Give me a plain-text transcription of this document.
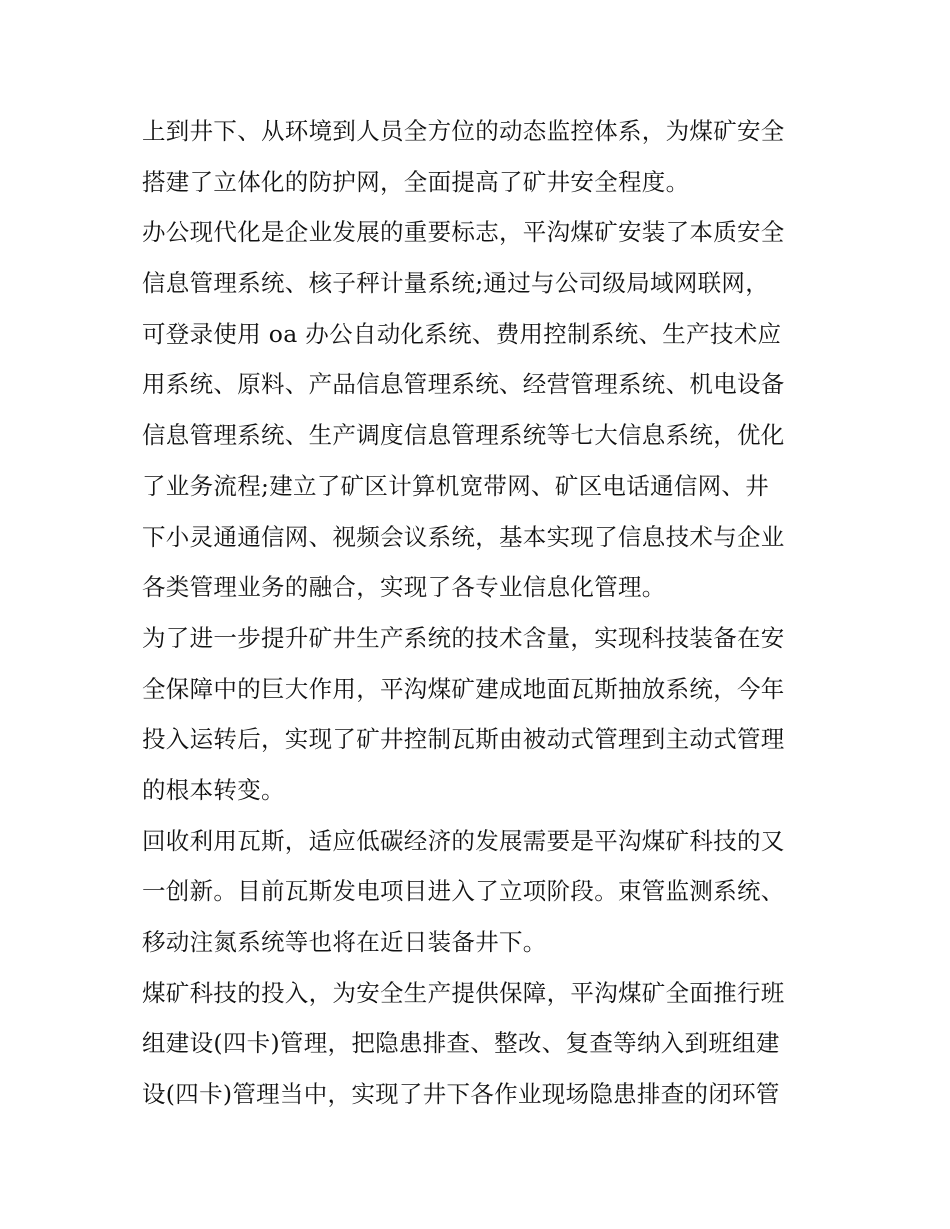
上到井下、从环境到人员全方位的动态监控体系，为煤矿安全
搭建了立体化的防护网，全面提高了矿井安全程度。
办公现代化是企业发展的重要标志，平沟煤矿安装了本质安全
信息管理系统、核子秤计量系统;通过与公司级局域网联网，
可登录使用 oa 办公自动化系统、费用控制系统、生产技术应
用系统、原料、产品信息管理系统、经营管理系统、机电设备
信息管理系统、生产调度信息管理系统等七大信息系统，优化
了业务流程;建立了矿区计算机宽带网、矿区电话通信网、井
下小灵通通信网、视频会议系统，基本实现了信息技术与企业
各类管理业务的融合，实现了各专业信息化管理。
为了进一步提升矿井生产系统的技术含量，实现科技装备在安
全保障中的巨大作用，平沟煤矿建成地面瓦斯抽放系统，今年
投入运转后，实现了矿井控制瓦斯由被动式管理到主动式管理
的根本转变。
回收利用瓦斯，适应低碳经济的发展需要是平沟煤矿科技的又
一创新。目前瓦斯发电项目进入了立项阶段。束管监测系统、
移动注氮系统等也将在近日装备井下。
煤矿科技的投入，为安全生产提供保障，平沟煤矿全面推行班
组建设(四卡)管理，把隐患排查、整改、复查等纳入到班组建
设(四卡)管理当中，实现了井下各作业现场隐患排查的闭环管
